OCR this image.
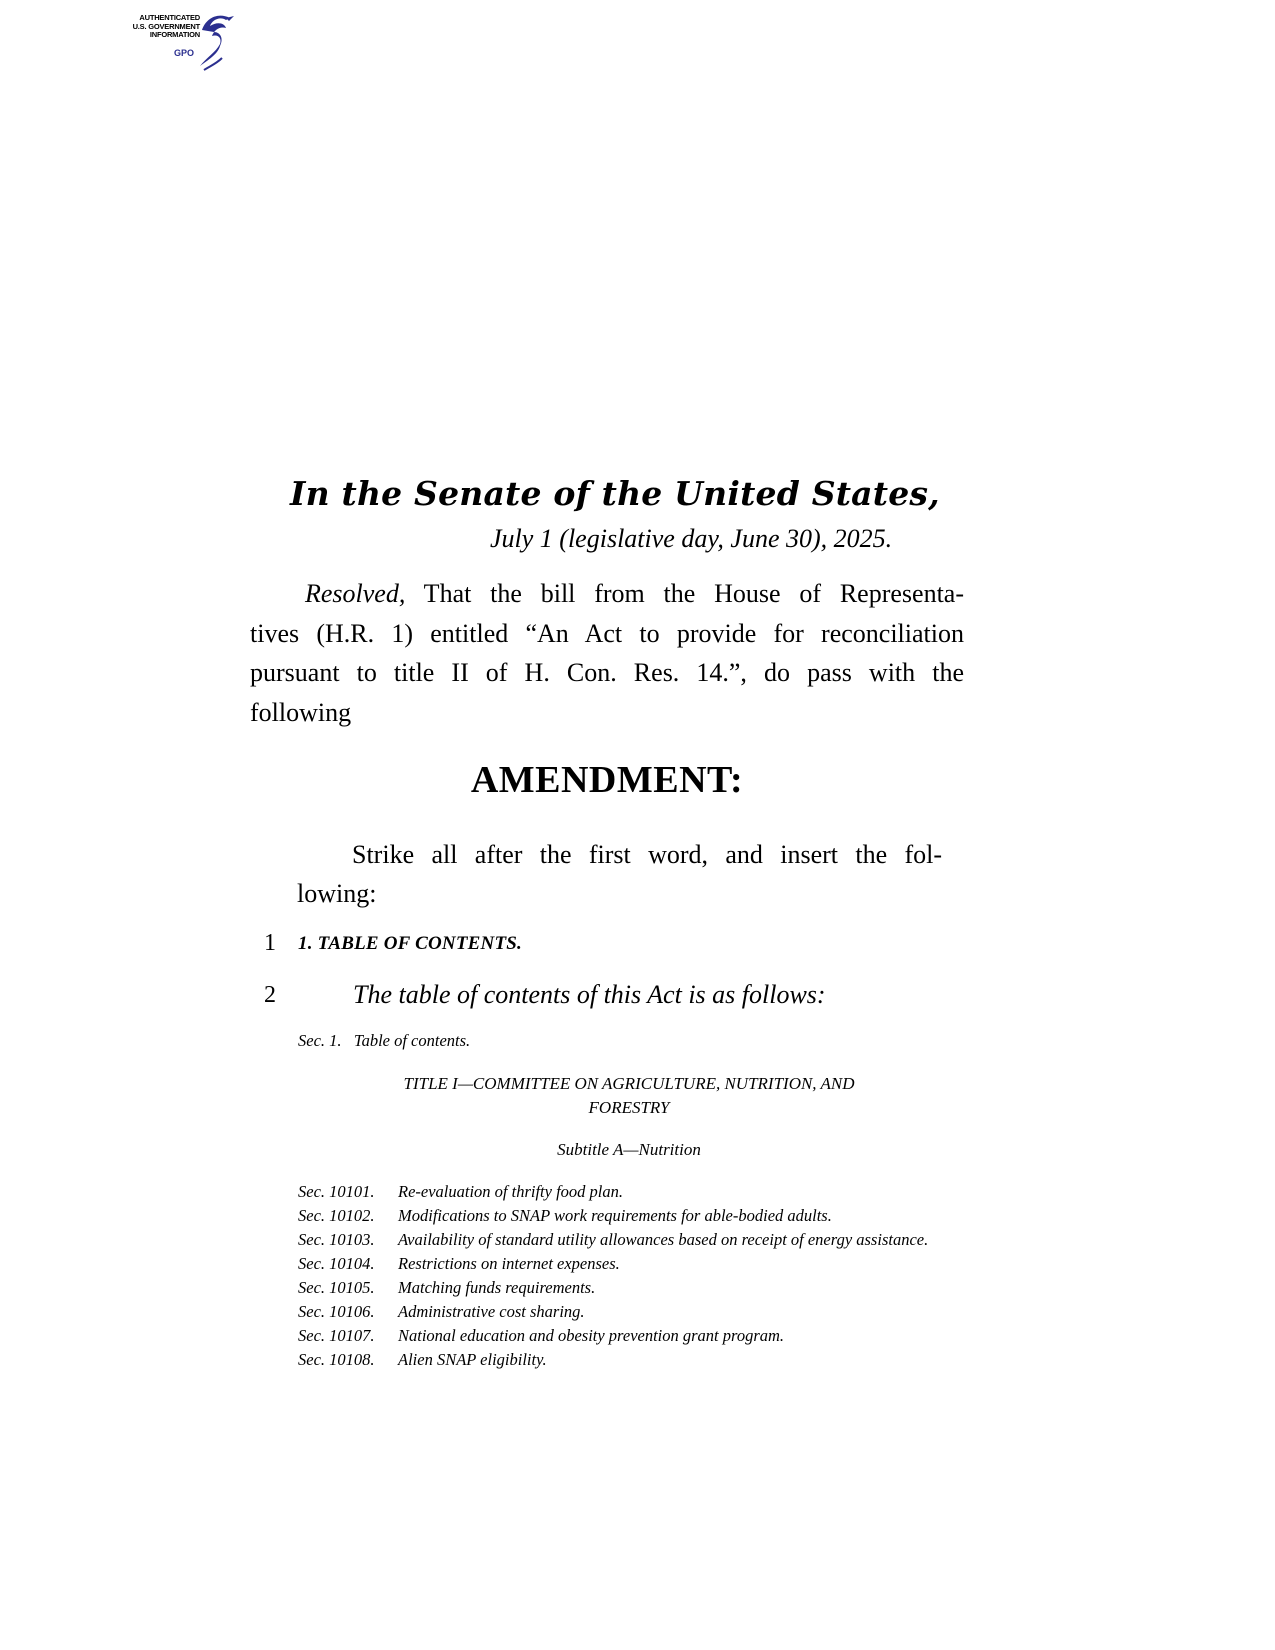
AUTHENTICATED
U.S. GOVERNMENT
INFORMATION
GPO
In the Senate of the United States,
July 1 (legislative day, June 30), 2025.
Resolved, That the bill from the House of Representa-
tives (H.R. 1) entitled “An Act to provide for reconciliation
pursuant to title II of H. Con. Res. 14.”, do pass with the
following
AMENDMENT:
Strike all after the first word, and insert the fol-
lowing:
1 1. TABLE OF CONTENTS.
2	The table of contents of this Act is as follows:
Sec. 1. Table of contents.
TITLE I—COMMITTEE ON AGRICULTURE, NUTRITION, AND
FORESTRY
Subtitle A—Nutrition
Sec. 10101.	Re-evaluation of thrifty food plan.
Sec. 10102.	Modifications to SNAP work requirements for able-bodied adults.
Sec. 10103.	Availability of standard utility allowances based on receipt of energy assistance.
Sec. 10104.	Restrictions on internet expenses.
Sec. 10105.	Matching funds requirements.
Sec. 10106.	Administrative cost sharing.
Sec. 10107.	National education and obesity prevention grant program.
Sec. 10108.	Alien SNAP eligibility.
